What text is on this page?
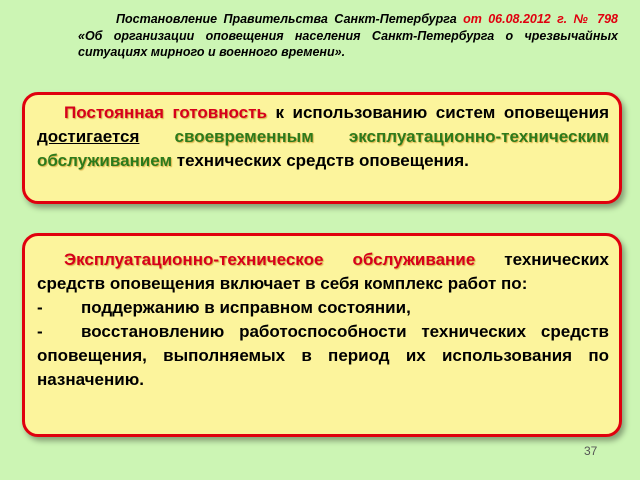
Постановление Правительства Санкт-Петербурга от 06.08.2012 г. № 798 «Об организации оповещения населения Санкт-Петербурга о чрезвычайных ситуациях мирного и военного времени».

Постоянная готовность к использованию систем оповещения достигается своевременным эксплуатационно-техническим обслуживанием технических средств оповещения.

Эксплуатационно-техническое обслуживание технических средств оповещения включает в себя комплекс работ по:

-	поддержанию в исправном состоянии,
- восстановлению работоспособности технических средств оповещения, выполняемых в период их использования по назначению.
37
